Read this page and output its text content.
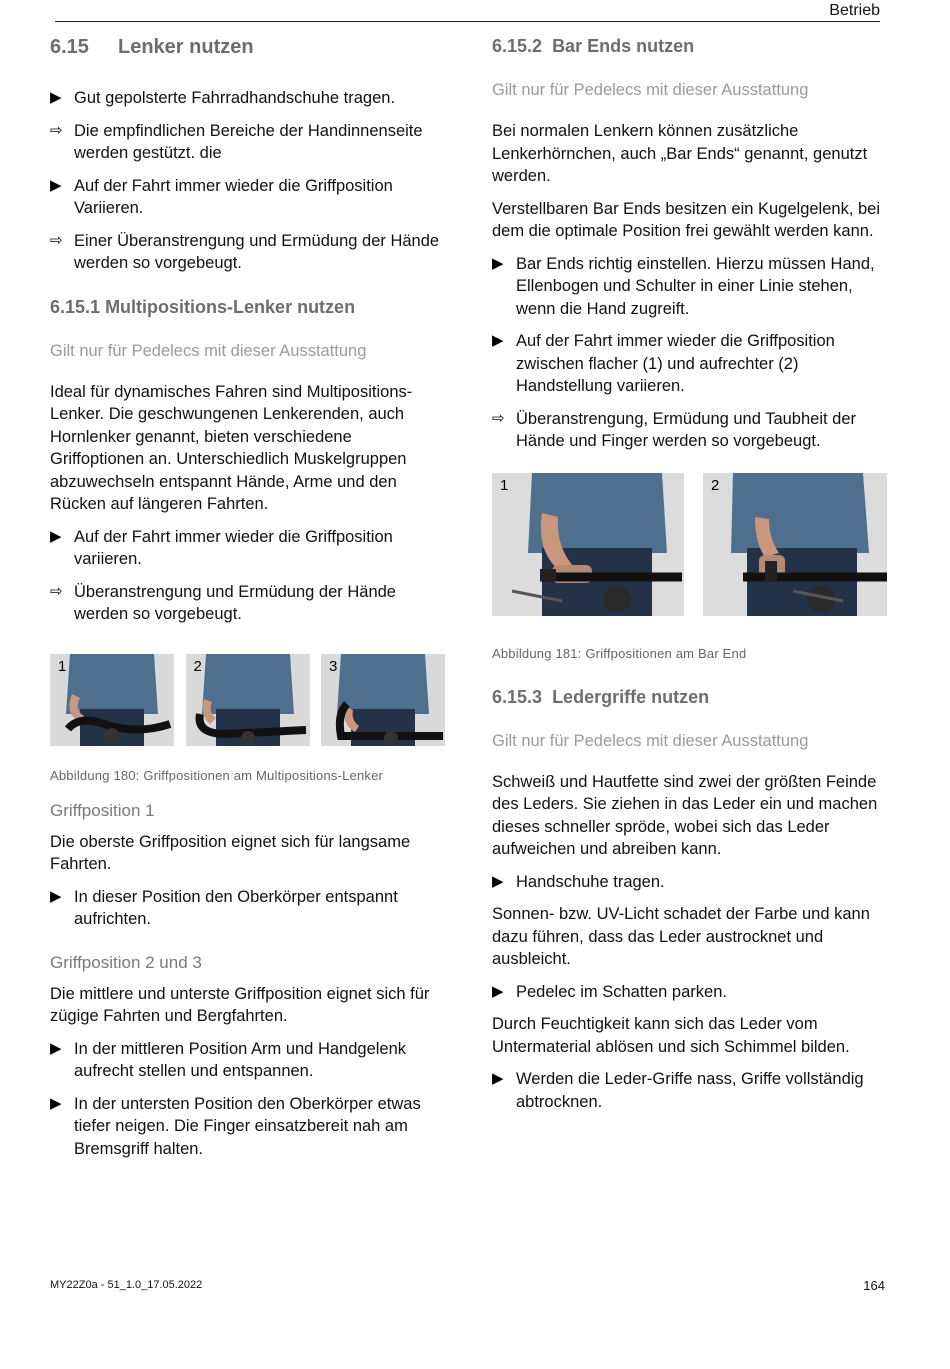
Betrieb
6.15 Lenker nutzen
▶ Gut gepolsterte Fahrradhandschuhe tragen.
⇨ Die empfindlichen Bereiche der Handinnenseite werden gestützt. die
▶ Auf der Fahrt immer wieder die Griffposition Variieren.
⇨ Einer Überanstrengung und Ermüdung der Hände werden so vorgebeugt.
6.15.1 Multipositions-Lenker nutzen
Gilt nur für Pedelecs mit dieser Ausstattung

Ideal für dynamisches Fahren sind Multipositions-Lenker. Die geschwungenen Lenkerenden, auch Hornlenker genannt, bieten verschiedene Griffoptionen an. Unterschiedlich Muskelgruppen abzuwechseln entspannt Hände, Arme und den Rücken auf längeren Fahrten.

▶ Auf der Fahrt immer wieder die Griffposition variieren.
⇨ Überanstrengung und Ermüdung der Hände werden so vorgebeugt.
1	2	3
Abbildung 180: Griffpositionen am Multipositions-Lenker
Griffposition 1

Die oberste Griffposition eignet sich für langsame Fahrten.

▶ In dieser Position den Oberkörper entspannt aufrichten.
Griffposition 2 und 3

Die mittlere und unterste Griffposition eignet sich für zügige Fahrten und Bergfahrten.

▶ In der mittleren Position Arm und Handgelenk aufrecht stellen und entspannen.
▶ In der untersten Position den Oberkörper etwas tiefer neigen. Die Finger einsatzbereit nah am Bremsgriff halten.
6.15.2 Bar Ends nutzen
Gilt nur für Pedelecs mit dieser Ausstattung

Bei normalen Lenkern können zusätzliche Lenkerhörnchen, auch „Bar Ends“ genannt, genutzt werden.

Verstellbaren Bar Ends besitzen ein Kugelgelenk, bei dem die optimale Position frei gewählt werden kann.

▶ Bar Ends richtig einstellen. Hierzu müssen Hand, Ellenbogen und Schulter in einer Linie stehen, wenn die Hand zugreift.
▶ Auf der Fahrt immer wieder die Griffposition zwischen flacher (1) und aufrechter (2) Handstellung variieren.
⇨ Überanstrengung, Ermüdung und Taubheit der Hände und Finger werden so vorgebeugt.
1	2
Abbildung 181: Griffpositionen am Bar End
6.15.3 Ledergriffe nutzen
Gilt nur für Pedelecs mit dieser Ausstattung

Schweiß und Hautfette sind zwei der größten Feinde des Leders. Sie ziehen in das Leder ein und machen dieses schneller spröde, wobei sich das Leder aufweichen und abreiben kann.

▶ Handschuhe tragen.

Sonnen- bzw. UV-Licht schadet der Farbe und kann dazu führen, dass das Leder austrocknet und ausbleicht.

▶ Pedelec im Schatten parken.

Durch Feuchtigkeit kann sich das Leder vom Untermaterial ablösen und sich Schimmel bilden.

▶ Werden die Leder-Griffe nass, Griffe vollständig abtrocknen.
MY22Z0a - 51_1.0_17.05.2022	164
